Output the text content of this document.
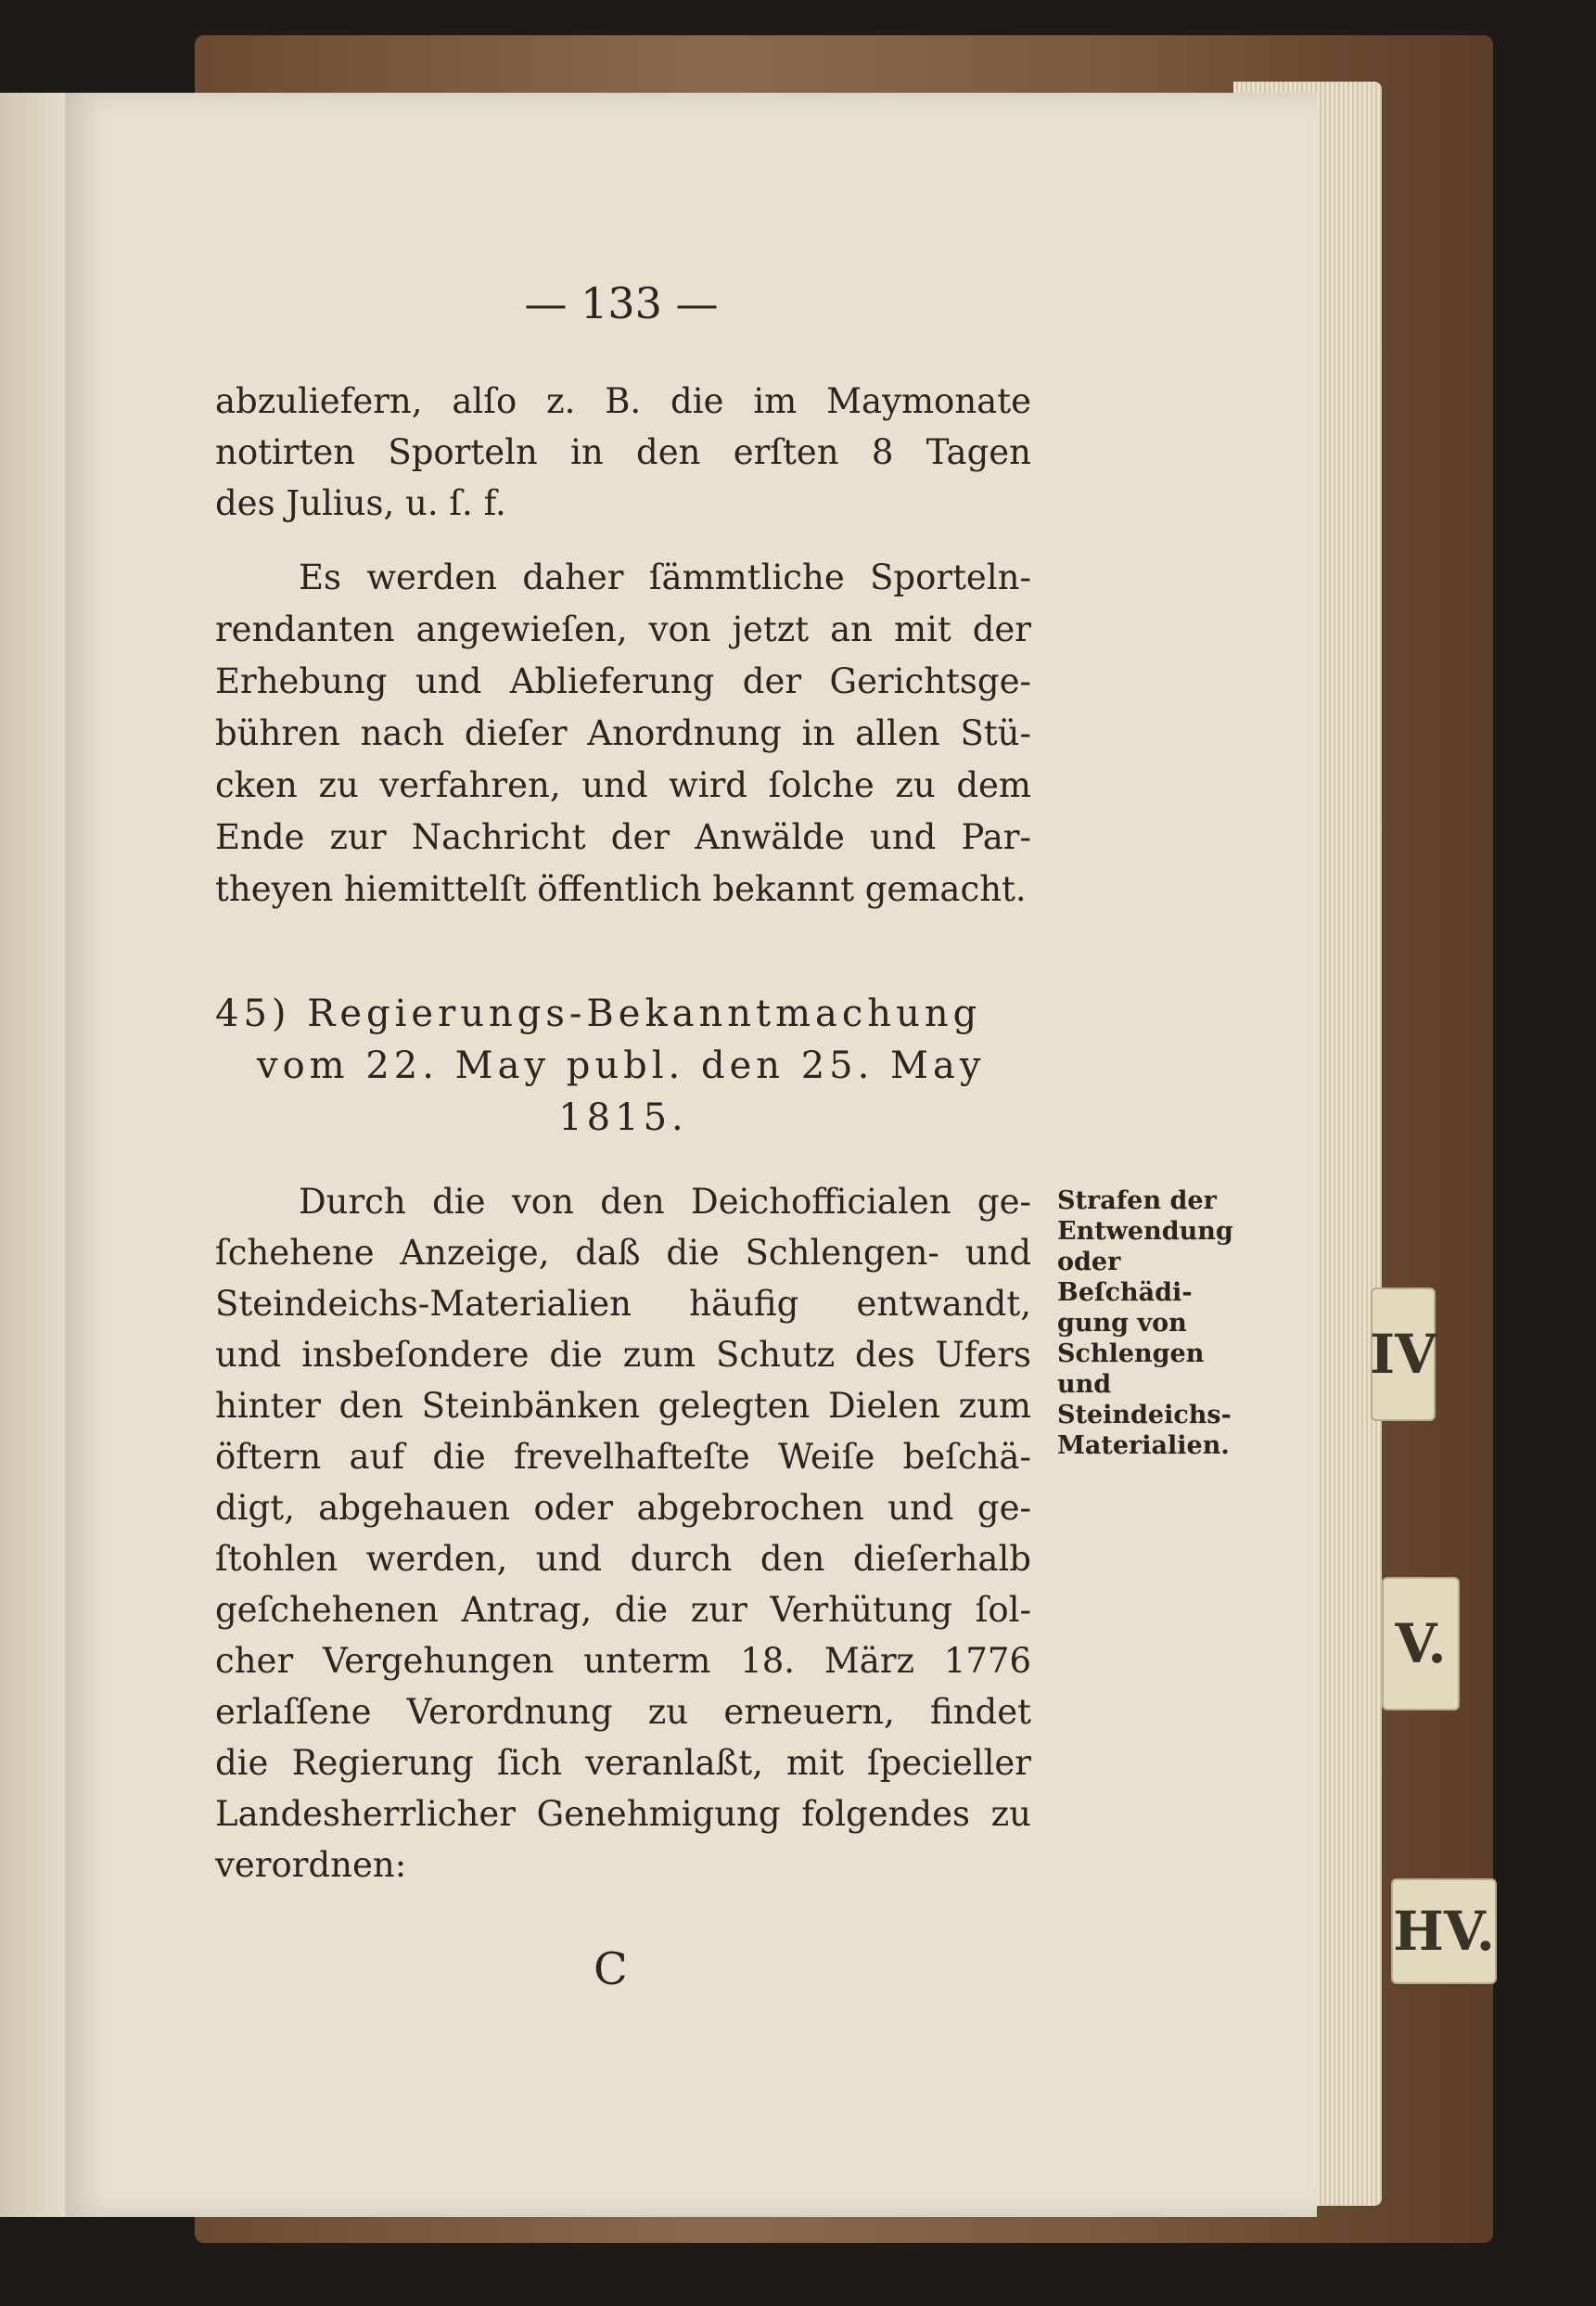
IV
V.
HV.
— 133 —
abzuliefern, alſo z. B. die im Maymonate
notirten Sporteln in den erſten 8 Tagen
des Julius, u. ſ. f.
Es werden daher ſämmtliche Sporteln-
rendanten angewieſen, von jetzt an mit der
Erhebung und Ablieferung der Gerichtsge-
bühren nach dieſer Anordnung in allen Stü-
cken zu verfahren, und wird ſolche zu dem
Ende zur Nachricht der Anwälde und Par-
theyen hiemittelſt öffentlich bekannt gemacht.
45) Regierungs-Bekanntmachung
vom 22. May publ. den 25. May
1815.
Durch die von den Deichofficialen ge-
ſchehene Anzeige, daß die Schlengen- und
Steindeichs-Materialien häufig entwandt,
und insbeſondere die zum Schutz des Ufers
hinter den Steinbänken gelegten Dielen zum
öftern auf die frevelhafteſte Weiſe beſchä-
digt, abgehauen oder abgebrochen und ge-
ſtohlen werden, und durch den dieſerhalb
geſchehenen Antrag, die zur Verhütung ſol-
cher Vergehungen unterm 18. März 1776
erlaſſene Verordnung zu erneuern, findet
die Regierung ſich veranlaßt, mit ſpecieller
Landesherrlicher Genehmigung folgendes zu
verordnen:
Strafen der
Entwendung
oder Beſchädi-
gung von
Schlengen und
Steindeichs-
Materialien.
C
